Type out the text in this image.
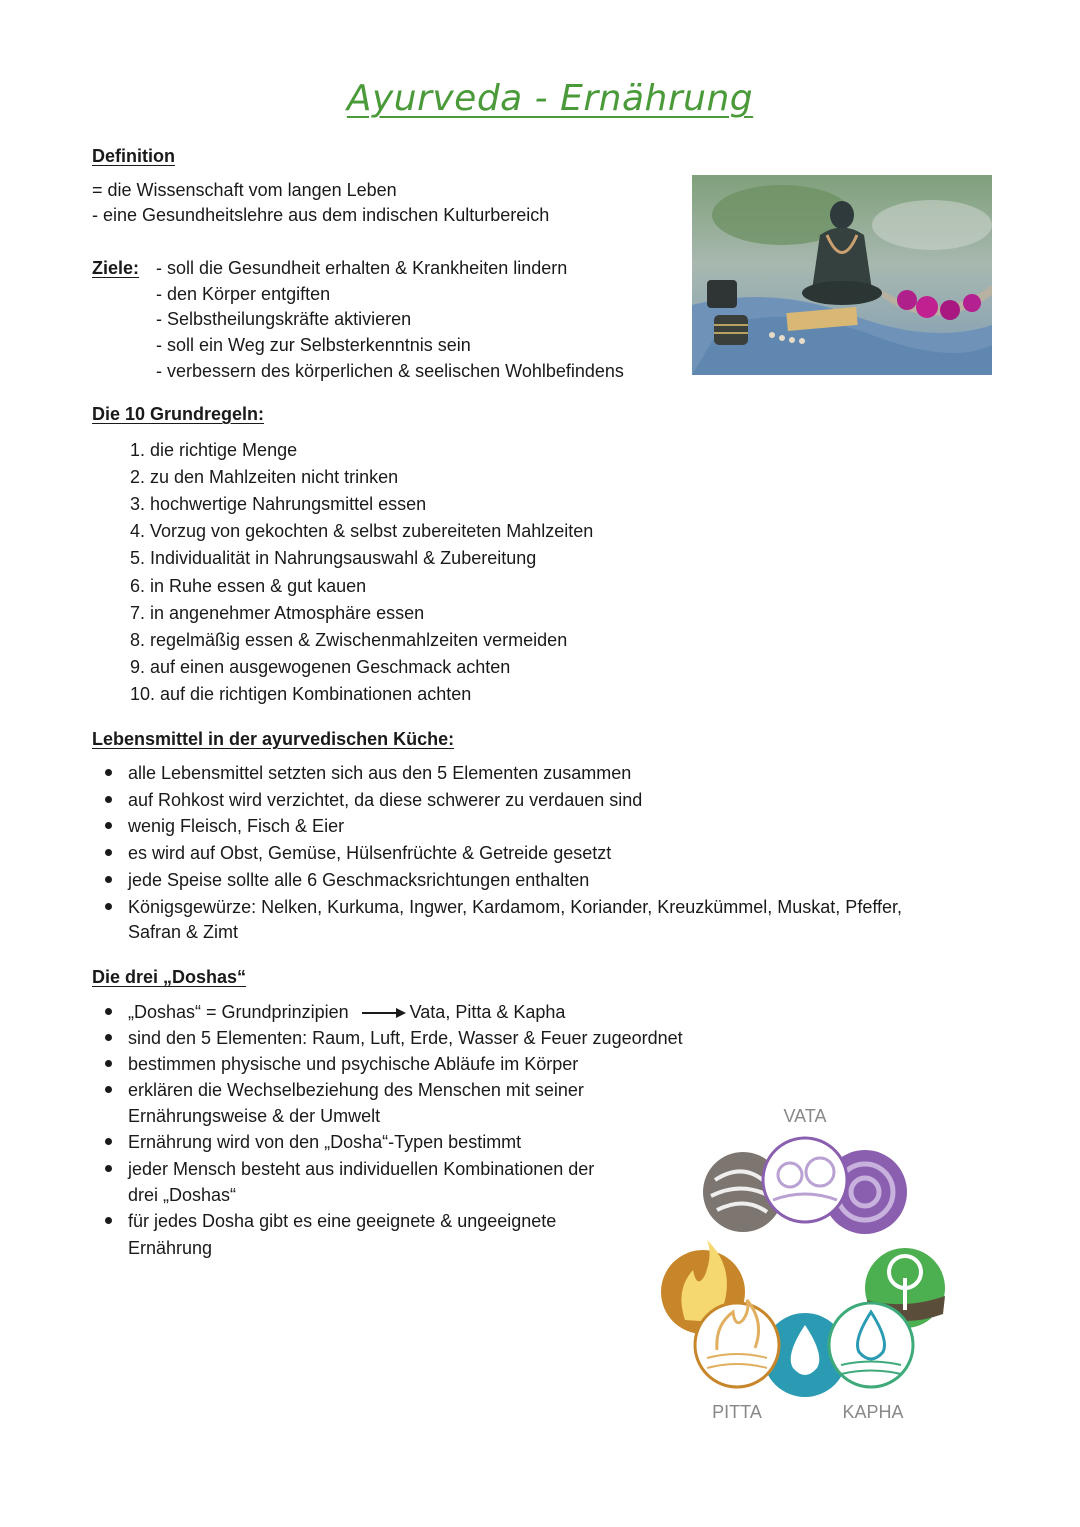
Ayurveda - Ernährung
Definition
= die Wissenschaft vom langen Leben
- eine Gesundheitslehre aus dem indischen Kulturbereich
Ziele: - soll die Gesundheit erhalten & Krankheiten lindern
- den Körper entgiften
- Selbstheilungskräfte aktivieren
- soll ein Weg zur Selbsterkenntnis sein
- verbessern des körperlichen & seelischen Wohlbefindens
Die 10 Grundregeln:
1. die richtige Menge
2. zu den Mahlzeiten nicht trinken
3. hochwertige Nahrungsmittel essen
4. Vorzug von gekochten & selbst zubereiteten Mahlzeiten
5. Individualität in Nahrungsauswahl & Zubereitung
6. in Ruhe essen & gut kauen
7. in angenehmer Atmosphäre essen
8. regelmäßig essen & Zwischenmahlzeiten vermeiden
9. auf einen ausgewogenen Geschmack achten
10. auf die richtigen Kombinationen achten
Lebensmittel in der ayurvedischen Küche:
alle Lebensmittel setzten sich aus den 5 Elementen zusammen
auf Rohkost wird verzichtet, da diese schwerer zu verdauen sind
wenig Fleisch, Fisch & Eier
es wird auf Obst, Gemüse, Hülsenfrüchte & Getreide gesetzt
jede Speise sollte alle 6 Geschmacksrichtungen enthalten
Königsgewürze: Nelken, Kurkuma, Ingwer, Kardamom, Koriander, Kreuzkümmel, Muskat, Pfeffer,
Safran & Zimt
Die drei „Doshas“
„Doshas“ = Grundprinzipien	Vata, Pitta & Kapha
sind den 5 Elementen: Raum, Luft, Erde, Wasser & Feuer zugeordnet
bestimmen physische und psychische Abläufe im Körper
erklären die Wechselbeziehung des Menschen mit seiner
Ernährungsweise & der Umwelt
Ernährung wird von den „Dosha“-Typen bestimmt
jeder Mensch besteht aus individuellen Kombinationen der
drei „Doshas“
für jedes Dosha gibt es eine geeignete & ungeeignete
Ernährung
VATA
PITTA	KAPHA
